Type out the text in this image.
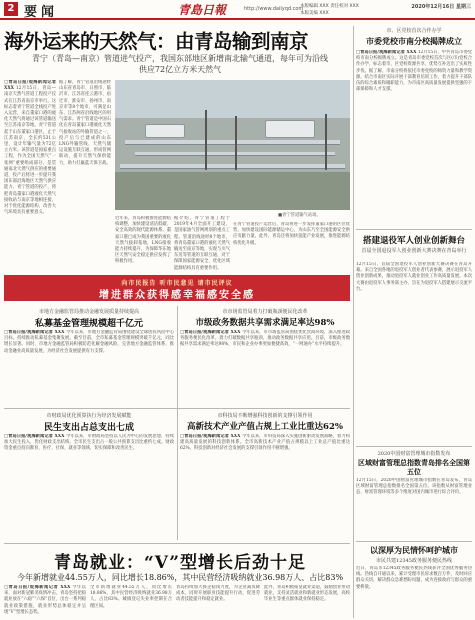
2 要闻	青島日報	http://www.dailyqd.com
本版编辑 XXX 责任校对 XXX
本版美编 XXX
2020年12月16日 星期三
海外运来的天然气：由青岛输到南京

青宁（青岛—南京）管道进气投产，我国东部地区新增南北输气通道，每年可为沿线供应72亿立方米天然气

□青岛日报/观海新闻记者 XXX 12月15日，青岛—南京天然气管道工程投产仪式在江苏省南京市举行。这标志着青宁管道全线投产进入运营，来自董家口港的液化天然气将通过该管道输送至江苏南京等地。青宁管道起于山东董家口港区，止于江苏南京，全长约531公里，设计年输气量为72亿立方米。该管道是国家重点工程，作为全国天然气“一张网”重要组成部分，是贯通南北天然气供应的重要通道，投产后将进一步提升我国东部沿海地区天然气供应能力。青宁管道的投产，将把青岛董家口港液化天然气接收站与南京等地相连接，对于优化能源结构、改善大气环境具有重要意义。
据了解，青宁管道沿线途经山东省青岛市、日照市、临沂市，江苏省连云港市、宿迁市、淮安市、扬州市、南京市等8个地市，可满足山东、江苏两省沿线地区的用气需求。青宁管道是中国石化在青岛董家口港液化天然气接收站的外输管道之一，投产后与已建成的山东LNG外输管线、天然气储运设施互联互通，形成管网联动，提升天然气保供能力，助力打赢蓝天保卫战。
■青宁管道输气站场。
近年来，青岛积极推进能源结构调整，加快建设清洁低碳、安全高效的现代能源体系。董家口港已成为我国重要的液化天然气接卸基地，LNG接收能力持续提升，为保障华东地区天然气安全稳定供应发挥了积极作用。
据介绍，青宁管道工程于2019年4月全面开工建设，是国家油气管网规划的重点工程。管道沿线途经8个地市，将青岛董家口港的液化天然气输送至南京等地，实现与川气东送等管道的互联互通，对于保障国家能源安全、优化区域能源结构具有重要作用。
在青宁管道投产运营后，青岛将进一步发挥董家口港的区位优势，加快建设国际能源储运中心，为山东乃至全国能源安全供应贡献力量。此外，青岛还将加快氢能产业发展，推进能源结构优化升级。
向市民报告 听市民意见 请市民评议
增进群众获得感幸福感安全感
市地方金融监管局推动金融发展质量持续提高
私募基金管理规模超千亿元
□青岛日报/观海新闻记者 XXX 今年以来，市地方金融监管局围绕建设全球创投风投中心目标，持续推动私募基金集聚发展。截至目前，全市私募基金管理规模突破千亿元，同比增长显著。同时，市地方金融监管局积极防范化解金融风险，完善地方金融监管体系，推动金融业高质量发展，为经济社会发展提供有力支撑。
市市场监管局着力打破瓶颈便民化改革
市级政务数据共享需求满足率达98%
□青岛日报/观海新闻记者 XXX 今年以来，市市场监管局围绕优化营商环境，深入推进政务服务便民化改革，着力打破数据共享瓶颈，推动政务数据共享应用。目前，市级政务数据共享需求满足率达98%，市民和企业办事更加便捷高效，“一网通办”水平持续提升。
市财政局优化预算执行为经济发展赋能
民生支出占总支出七成
□青岛日报/观海新闻记者 XXX 今年以来，市财政局坚持以人民为中心的发展思想，持续加大民生投入，优化财政支出结构，全市民生支出占一般公共预算支出比重约七成。财政资金重点投向教育、医疗、社保、就业等领域，切实保障和改善民生。
市科技局不断增强科技创新的支撑引领作用
高新技术产业产值占规上工业比重达62%
□青岛日报/观海新闻记者 XXX 今年以来，市科技局深入实施创新驱动发展战略，着力构建高质量发展的科技创新体系。全市高新技术产业产值占规模以上工业总产值比重达62%，科技创新对经济社会发展的支撑引领作用不断增强。
青岛就业：“V”型增长后劲十足
今年新增就业44.55万人，同比增长18.86%，其中民营经济吸纳就业36.98万人、占比83%
□青岛日报/观海新闻记者 XXX 今年以来，面对新冠肺炎疫情冲击，青岛坚持把稳就业放在“六稳”“六保”首位，出台一系列稳就业政策措施，就业形势总体稳定并呈现“V”型增长态势。
全市新增就业44.55万人，同比增长18.86%，其中民营经济吸纳就业36.98万人，占比83%。城镇登记失业率控制在合理区间。
青岛持续加大援企稳岗力度，为企业减负降成本，同时开展职业技能提升行动，促进劳动者技能提升和稳定就业。
此外，青岛积极拓宽就业渠道，鼓励创业带动就业，支持灵活就业和新就业形态发展，高校毕业生等重点群体就业保持稳定。
市、区党校首次合作办学
市委党校市南分校揭牌成立
□青岛日报/观海新闻记者 XXX 12月15日，中共青岛市委党校市南分校揭牌成立。这是青岛市委党校首次与区(市)党校合作办学，标志着市、区党校资源共享、优势互补迈出了实质性步伐。据了解，市南分校将依托市委党校的师资力量和教学资源，结合市南区实际开展干部教育培训工作，着力提升干部队伍的综合素质和履职能力，为市南区高质量发展提供坚强的干部保障和人才支撑。
搭建退役军人创业创新舞台
首届全国退役军人创业创新大赛决赛在青岛举行
12月15日，首届全国退役军人创业创新大赛决赛在青岛开幕。来自全国各地的退役军人创业者代表参赛，展示退役军人创业创新成果，推动退役军人就业创业工作高质量发展。本次大赛由退役军人事务部主办，旨在为退役军人搭建展示交流平台。
2020中国财富管理城市指数发布
区域财富管理总指数青岛排名全国第五位
12月15日，2020中国财富管理城市指数在青岛发布，青岛区域财富管理总指数排名全国第五位。该指数从财富管理业态、财富管理环境等多个维度对国内城市进行综合评价。
以深厚为民情怀呵护城市
市民共建12345政务服务便民热线
近日，青岛市12345政务服务便民热线获评全国优秀服务热线。热线自开通以来，累计受理市民诉求数百万件，及时回应群众关切，解决群众急难愁盼问题，成为连接政府与群众的重要桥梁。
